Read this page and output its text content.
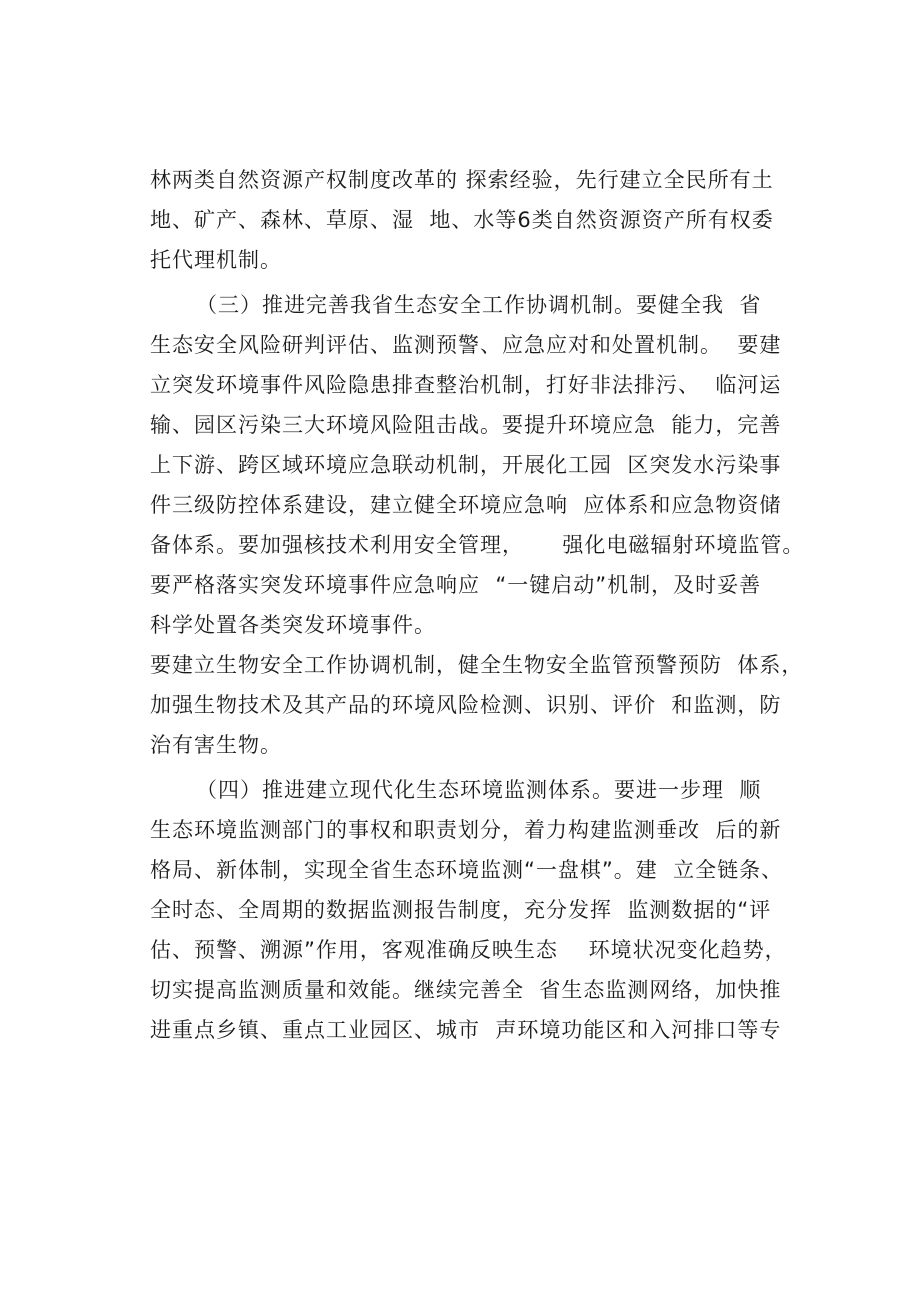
林两类自然资源产权制度改革的 探索经验，先行建立全民所有土
地、矿产、森林、草原、湿  地、水等6类自然资源资产所有权委
托代理机制。
（三）推进完善我省生态安全工作协调机制。要健全我  省
生态安全风险研判评估、监测预警、应急应对和处置机制。  要建
立突发环境事件风险隐患排查整治机制，打好非法排污、  临河运
输、园区污染三大环境风险阻击战。要提升环境应急  能力，完善
上下游、跨区域环境应急联动机制，开展化工园  区突发水污染事
件三级防控体系建设，建立健全环境应急响  应体系和应急物资储
备体系。要加强核技术利用安全管理，     强化电磁辐射环境监管。
要严格落实突发环境事件应急响应  “一键启动”机制，及时妥善
科学处置各类突发环境事件。
要建立生物安全工作协调机制，健全生物安全监管预警预防  体系，
加强生物技术及其产品的环境风险检测、识别、评价  和监测，防
治有害生物。
（四）推进建立现代化生态环境监测体系。要进一步理  顺
生态环境监测部门的事权和职责划分，着力构建监测垂改  后的新
格局、新体制，实现全省生态环境监测“一盘棋”。建  立全链条、
全时态、全周期的数据监测报告制度，充分发挥  监测数据的“评
估、预警、溯源”作用，客观准确反映生态    环境状况变化趋势，
切实提高监测质量和效能。继续完善全  省生态监测网络，加快推
进重点乡镇、重点工业园区、城市  声环境功能区和入河排口等专
